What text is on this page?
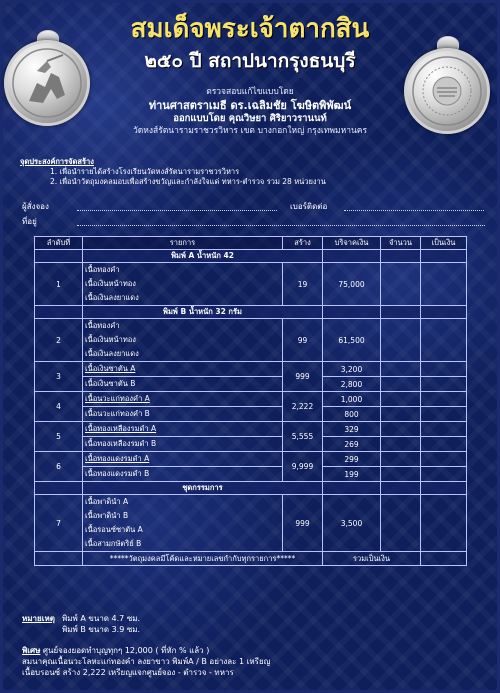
สมเด็จพระเจ้าตากสิน
๒๕๐ ปี สถาปนากรุงธนบุรี
ตรวจสอบแก้ไขแบบโดย
ท่านศาสตราเมธี ดร.เฉลิมชัย โฆษิตพิพัฒน์
ออกแบบโดย คุณวิษยา ศิริยาวรานนท์
วัดหงส์รัตนารามราชวรวิหาร เขต บางกอกใหญ่ กรุงเทพมหานคร
จุดประสงค์การจัดสร้าง
1. เพื่อนำรายได้สร้างโรงเรียนวัดหงส์รัตนารามราชวรวิหาร
2. เพื่อนำวัตถุมงคลมอบเพื่อสร้างขวัญและกำลังใจแด่ ทหาร-ตำรวจ รวม 28 หน่วยงาน
ผู้สั่งจอง	เบอร์ติดต่อ
ที่อยู่
ลำดับที่	รายการ	สร้าง	บริจาคเงิน	จำนวน	เป็นเงิน
	พิมพ์ A น้ำหนัก 42				
1	เนื้อทองคำ
เนื้อเงินหน้าทอง
เนื้อเงินลงยาแดง	19	75,000		
	พิมพ์ B น้ำหนัก 32 กรัม				
2	เนื้อทองคำ
เนื้อเงินหน้าทอง
เนื้อเงินลงยาแดง	99	61,500		
3	เนื้อเงินซาตัน A	999	3,200		

	เนื้อเงินซาตัน B		2,800		
4	เนื้อนวะแก่ทองคำ A	2,222	1,000		

	เนื้อนวะแก่ทองคำ B		800		
5	เนื้อทองเหลืองรมดำ A	5,555	329		

	เนื้อทองเหลืองรมดำ B		269		
6	เนื้อทองแดงรมดำ A	9,999	299		

	เนื้อทองแดงรมดำ B		199		
	ชุดกรรมการ				
7	เนื้อพาดินำ A
เนื้อพาดินำ B
เนื้อรอนซ์ซาตัน A
เนื้อสามกษัตริย์ B	999	3,500		
	*****วัตถุมงคลมีโค้ดและหมายเลขกำกับทุกรายการ*****		รวมเป็นเงิน		
หมายเหตุ พิมพ์ A ขนาด 4.7 ซม.
พิมพ์ B ขนาด 3.9 ซม.
พิเศษ ศูนย์จองยอดทำบุญทุกๆ 12,000 ( ที่หัก % แล้ว )
สมนาคุณเนื้อนวะโลหะแก่ทองคำ ลงยาขาว พิมพ์A / B อย่างละ 1 เหรียญ
เนื้อบรอนซ์ สร้าง 2,222 เหรียญแจกศูนย์จอง - ตำรวจ - ทหาร
